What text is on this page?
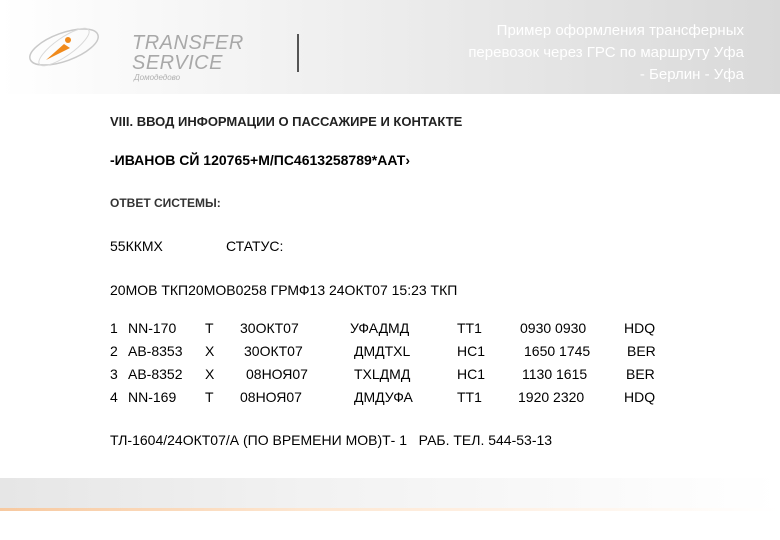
TRANSFER
SERVICE
Домодедово
Пример оформления трансферных
перевозок через ГРС по маршруту Уфа
- Берлин - Уфа
VIII. ВВОД ИНФОРМАЦИИ О ПАССАЖИРЕ И КОНТАКТЕ
-ИВАНОВ СЙ 120765+М/ПС4613258789*ААТ›
ОТВЕТ СИСТЕМЫ:
55ККМХ	СТАТУС:
20МОВ ТКП20МОВ0258 ГРМФ13 24ОКТ07 15:23 ТКП
1 NN-170 T 30ОКТ07	УФАДМД	TT1	0930 0930	HDQ
2 AB-8353 X 30ОКТ07	ДМДТXL	HC1	1650 1745	BER
3 AB-8352 X 08НОЯ07	TXLДМД	HC1	1130 1615	BER
4 NN-169 T 08НОЯ07	ДМДУФА	TT1	1920 2320	HDQ
ТЛ-1604/24ОКТ07/А (ПО ВРЕМЕНИ МОВ)Т- 1   РАБ. ТЕЛ. 544-53-13
